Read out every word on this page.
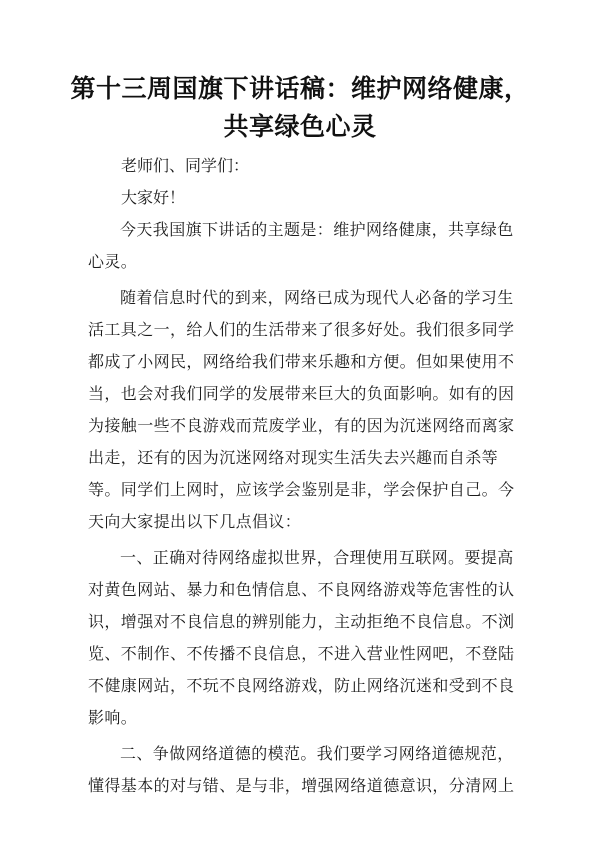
第十三周国旗下讲话稿：维护网络健康，
共享绿色心灵
老师们、同学们：
大家好！

今天我国旗下讲话的主题是：维护网络健康，共享绿色心灵。

随着信息时代的到来，网络已成为现代人必备的学习生活工具之一，给人们的生活带来了很多好处。我们很多同学都成了小网民，网络给我们带来乐趣和方便。但如果使用不当，也会对我们同学的发展带来巨大的负面影响。如有的因为接触一些不良游戏而荒废学业，有的因为沉迷网络而离家出走，还有的因为沉迷网络对现实生活失去兴趣而自杀等等。同学们上网时，应该学会鉴别是非，学会保护自己。今天向大家提出以下几点倡议：

一、正确对待网络虚拟世界，合理使用互联网。要提高对黄色网站、暴力和色情信息、不良网络游戏等危害性的认识，增强对不良信息的辨别能力，主动拒绝不良信息。不浏览、不制作、不传播不良信息，不进入营业性网吧，不登陆不健康网站，不玩不良网络游戏，防止网络沉迷和受到不良影响。

二、争做网络道德的模范。我们要学习网络道德规范，懂得基本的对与错、是与非，增强网络道德意识，分清网上
